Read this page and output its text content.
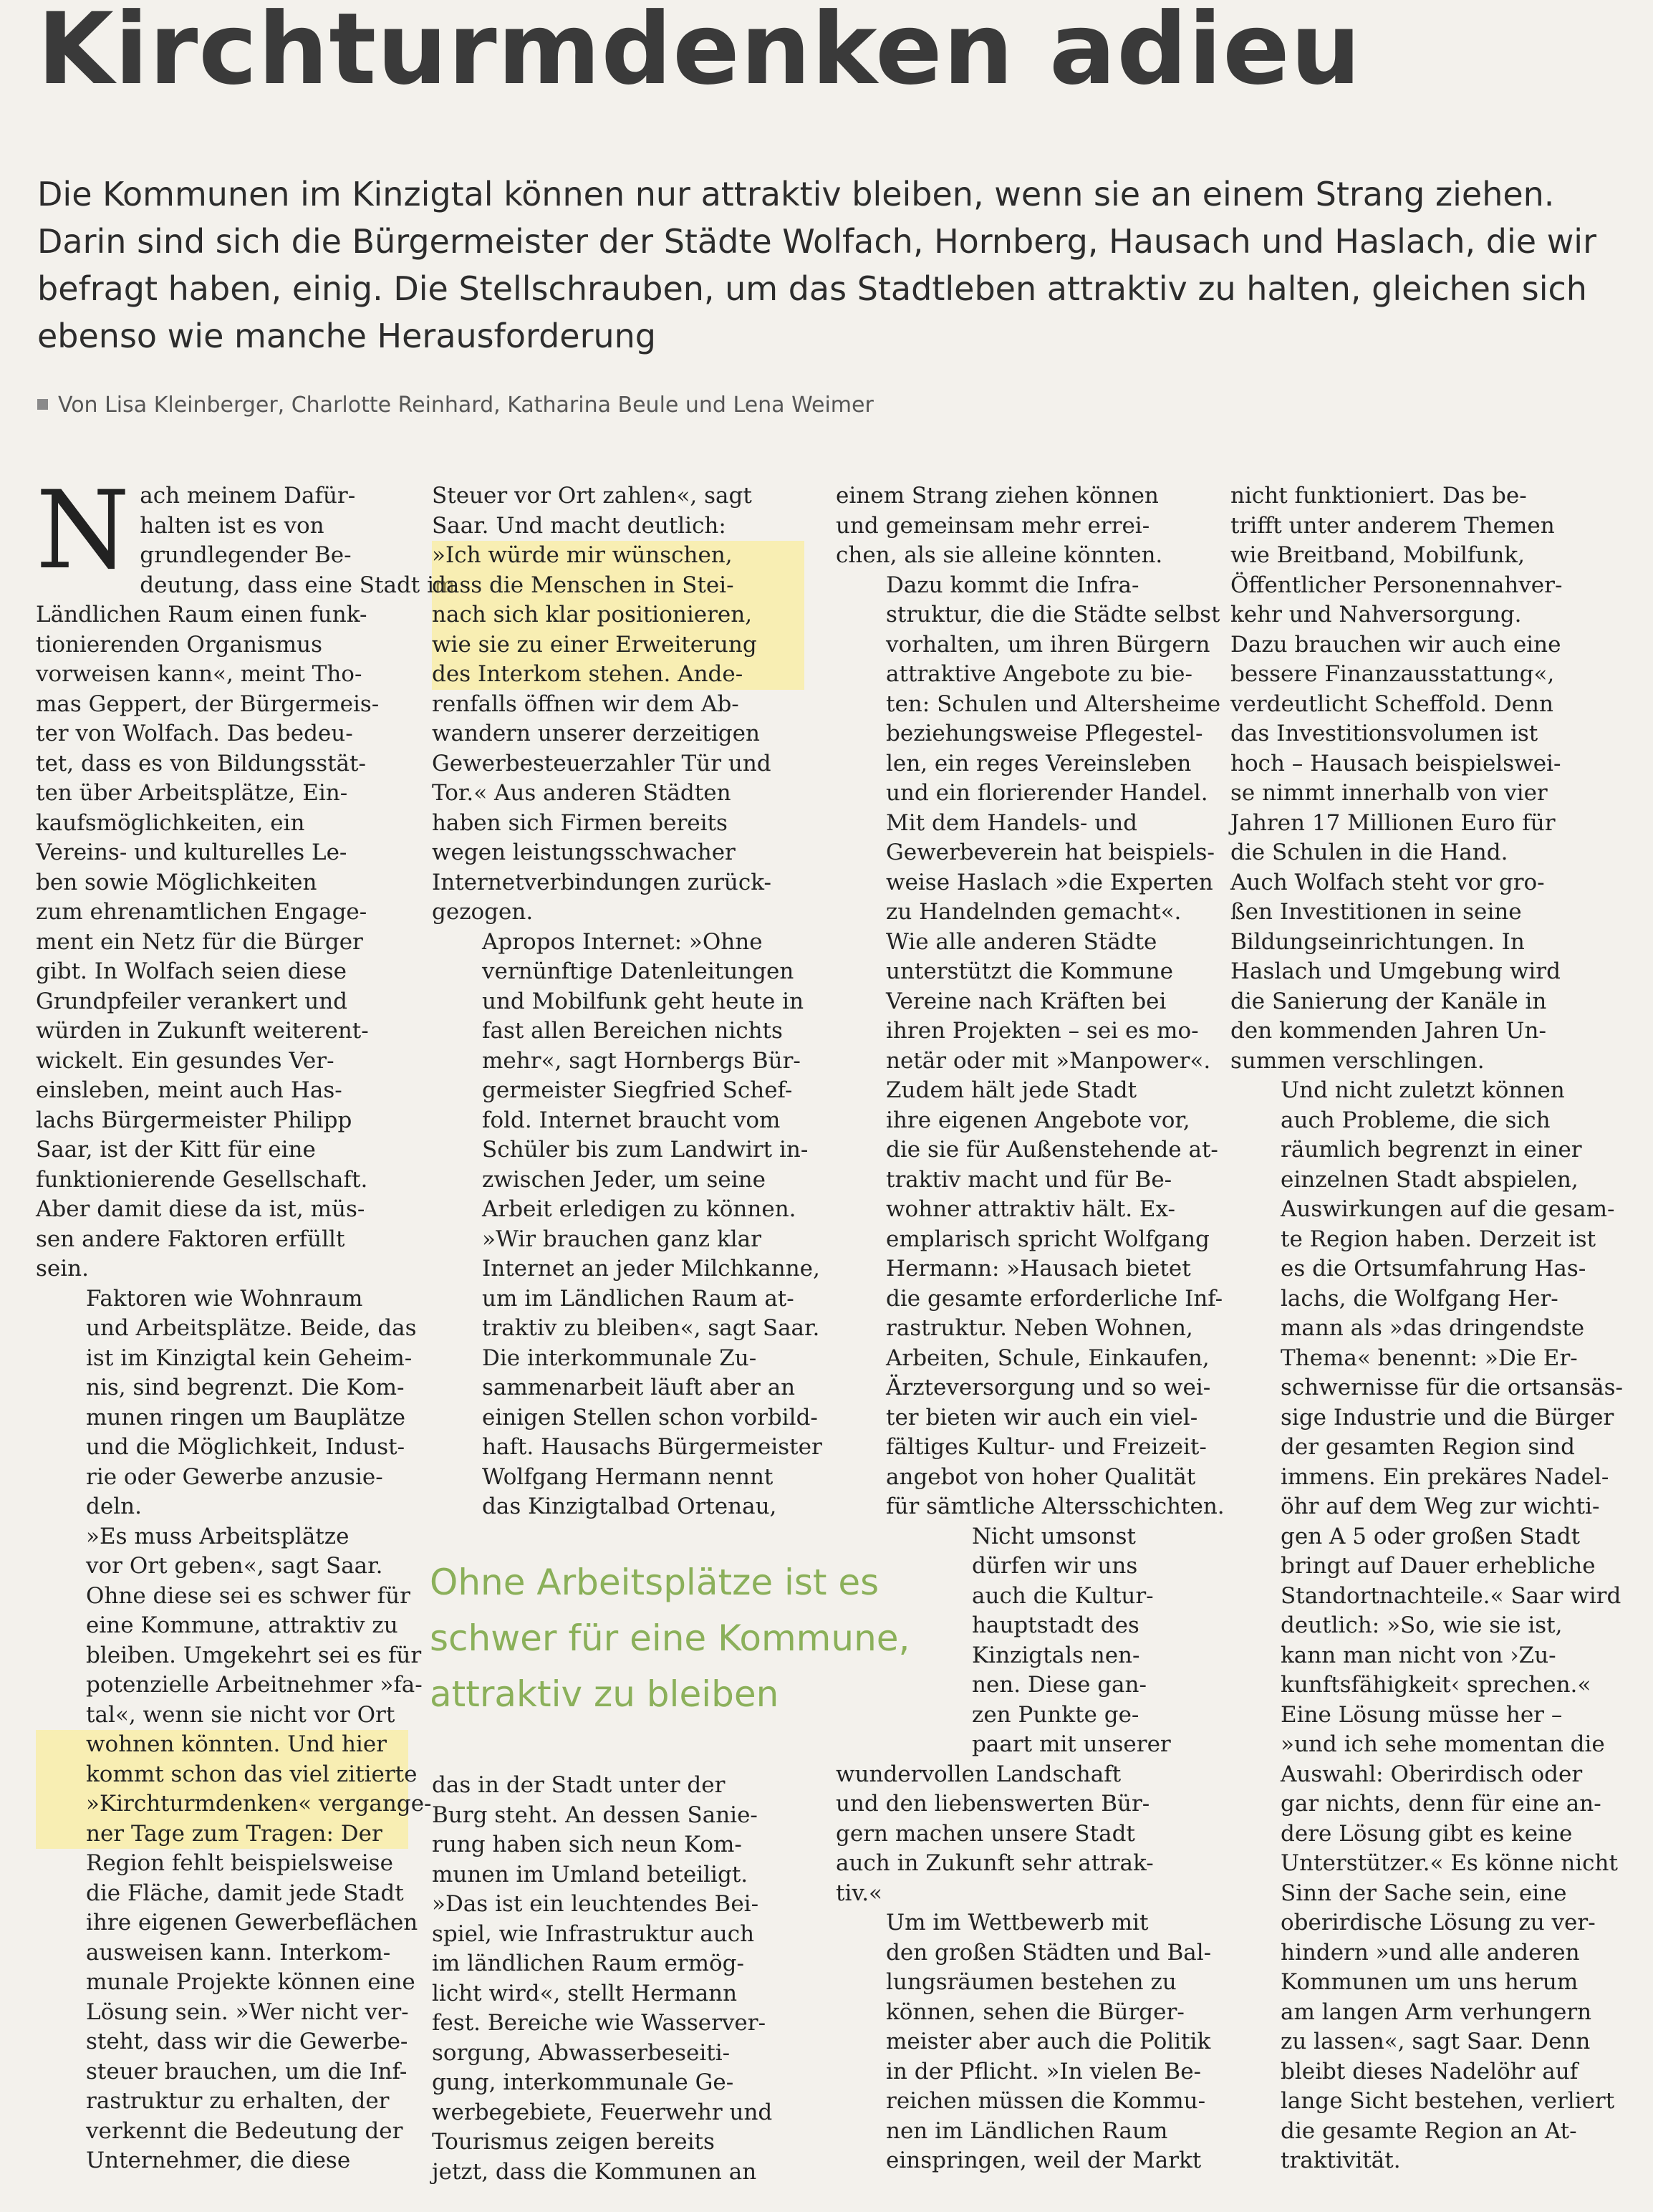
Kirchturmdenken adieu

Die Kommunen im Kinzigtal können nur attraktiv bleiben, wenn sie an einem Strang ziehen. Darin sind sich die Bürgermeister der Städte Wolfach, Hornberg, Hausach und Haslach, die wir befragt haben, einig. Die Stellschrauben, um das Stadtleben attraktiv zu halten, gleichen sich ebenso wie manche Herausforderung

Von Lisa Kleinberger, Charlotte Reinhard, Katharina Beule und Lena Weimer

N ach meinem Dafür-
halten ist es von
grundlegender Be-
deutung, dass eine Stadt im
Ländlichen Raum einen funk-
tionierenden Organismus
vorweisen kann«, meint Tho-
mas Geppert, der Bürgermeis-
ter von Wolfach. Das bedeu-
tet, dass es von Bildungsstät-
ten über Arbeitsplätze, Ein-
kaufsmöglichkeiten, ein
Vereins- und kulturelles Le-
ben sowie Möglichkeiten
zum ehrenamtlichen Engage-
ment ein Netz für die Bürger
gibt. In Wolfach seien diese
Grundpfeiler verankert und
würden in Zukunft weiterent-
wickelt. Ein gesundes Ver-
einsleben, meint auch Has-
lachs Bürgermeister Philipp
Saar, ist der Kitt für eine
funktionierende Gesellschaft.
Aber damit diese da ist, müs-
sen andere Faktoren erfüllt
sein.

Faktoren wie Wohnraum
und Arbeitsplätze. Beide, das
ist im Kinzigtal kein Geheim-
nis, sind begrenzt. Die Kom-
munen ringen um Bauplätze
und die Möglichkeit, Indust-
rie oder Gewerbe anzusie-
deln.

»Es muss Arbeitsplätze
vor Ort geben«, sagt Saar.
Ohne diese sei es schwer für
eine Kommune, attraktiv zu
bleiben. Umgekehrt sei es für
potenzielle Arbeitnehmer »fa-
tal«, wenn sie nicht vor Ort
wohnen könnten. Und hier
kommt schon das viel zitierte
»Kirchturmdenken« vergange-
ner Tage zum Tragen: Der
Region fehlt beispielsweise
die Fläche, damit jede Stadt
ihre eigenen Gewerbeflächen
ausweisen kann. Interkom-
munale Projekte können eine
Lösung sein. »Wer nicht ver-
steht, dass wir die Gewerbe-
steuer brauchen, um die Inf-
rastruktur zu erhalten, der
verkennt die Bedeutung der
Unternehmer, die diese

Steuer vor Ort zahlen«, sagt
Saar. Und macht deutlich:
»Ich würde mir wünschen,
dass die Menschen in Stei-
nach sich klar positionieren,
wie sie zu einer Erweiterung
des Interkom stehen. Ande-
renfalls öffnen wir dem Ab-
wandern unserer derzeitigen
Gewerbesteuerzahler Tür und
Tor.« Aus anderen Städten
haben sich Firmen bereits
wegen leistungsschwacher
Internetverbindungen zurück-
gezogen.

Apropos Internet: »Ohne
vernünftige Datenleitungen
und Mobilfunk geht heute in
fast allen Bereichen nichts
mehr«, sagt Hornbergs Bür-
germeister Siegfried Schef-
fold. Internet braucht vom
Schüler bis zum Landwirt in-
zwischen Jeder, um seine
Arbeit erledigen zu können.
»Wir brauchen ganz klar
Internet an jeder Milchkanne,
um im Ländlichen Raum at-
traktiv zu bleiben«, sagt Saar.

Die interkommunale Zu-
sammenarbeit läuft aber an
einigen Stellen schon vorbild-
haft. Hausachs Bürgermeister
Wolfgang Hermann nennt
das Kinzigtalbad Ortenau,

das in der Stadt unter der
Burg steht. An dessen Sanie-
rung haben sich neun Kom-
munen im Umland beteiligt.
»Das ist ein leuchtendes Bei-
spiel, wie Infrastruktur auch
im ländlichen Raum ermög-
licht wird«, stellt Hermann
fest. Bereiche wie Wasserver-
sorgung, Abwasserbeseiti-
gung, interkommunale Ge-
werbegebiete, Feuerwehr und
Tourismus zeigen bereits
jetzt, dass die Kommunen an

einem Strang ziehen können
und gemeinsam mehr errei-
chen, als sie alleine könnten.

Dazu kommt die Infra-
struktur, die die Städte selbst
vorhalten, um ihren Bürgern
attraktive Angebote zu bie-
ten: Schulen und Altersheime
beziehungsweise Pflegestel-
len, ein reges Vereinsleben
und ein florierender Handel.

Mit dem Handels- und
Gewerbeverein hat beispiels-
weise Haslach »die Experten
zu Handelnden gemacht«.
Wie alle anderen Städte
unterstützt die Kommune
Vereine nach Kräften bei
ihren Projekten – sei es mo-
netär oder mit »Manpower«.

Zudem hält jede Stadt
ihre eigenen Angebote vor,
die sie für Außenstehende at-
traktiv macht und für Be-
wohner attraktiv hält. Ex-
emplarisch spricht Wolfgang
Hermann: »Hausach bietet
die gesamte erforderliche Inf-
rastruktur. Neben Wohnen,
Arbeiten, Schule, Einkaufen,
Ärzteversorgung und so wei-
ter bieten wir auch ein viel-
fältiges Kultur- und Freizeit-
angebot von hoher Qualität
für sämtliche Altersschichten.

Nicht umsonst
dürfen wir uns
auch die Kultur-
hauptstadt des
Kinzigtals nen-
nen. Diese gan-
zen Punkte ge-
paart mit unserer

wundervollen Landschaft
und den liebenswerten Bür-
gern machen unsere Stadt
auch in Zukunft sehr attrak-
tiv.«

Um im Wettbewerb mit
den großen Städten und Bal-
lungsräumen bestehen zu
können, sehen die Bürger-
meister aber auch die Politik
in der Pflicht. »In vielen Be-
reichen müssen die Kommu-
nen im Ländlichen Raum
einspringen, weil der Markt

nicht funktioniert. Das be-
trifft unter anderem Themen
wie Breitband, Mobilfunk,
Öffentlicher Personennahver-
kehr und Nahversorgung.
Dazu brauchen wir auch eine
bessere Finanzausstattung«,
verdeutlicht Scheffold. Denn
das Investitionsvolumen ist
hoch – Hausach beispielswei-
se nimmt innerhalb von vier
Jahren 17 Millionen Euro für
die Schulen in die Hand.
Auch Wolfach steht vor gro-
ßen Investitionen in seine
Bildungseinrichtungen. In
Haslach und Umgebung wird
die Sanierung der Kanäle in
den kommenden Jahren Un-
summen verschlingen.

Und nicht zuletzt können
auch Probleme, die sich
räumlich begrenzt in einer
einzelnen Stadt abspielen,
Auswirkungen auf die gesam-
te Region haben. Derzeit ist
es die Ortsumfahrung Has-
lachs, die Wolfgang Her-
mann als »das dringendste
Thema« benennt: »Die Er-
schwernisse für die ortsansäs-
sige Industrie und die Bürger
der gesamten Region sind
immens. Ein prekäres Nadel-
öhr auf dem Weg zur wichti-
gen A 5 oder großen Stadt
bringt auf Dauer erhebliche
Standortnachteile.« Saar wird
deutlich: »So, wie sie ist,
kann man nicht von ›Zu-
kunftsfähigkeit‹ sprechen.«
Eine Lösung müsse her –
»und ich sehe momentan die
Auswahl: Oberirdisch oder
gar nichts, denn für eine an-
dere Lösung gibt es keine
Unterstützer.« Es könne nicht
Sinn der Sache sein, eine
oberirdische Lösung zu ver-
hindern »und alle anderen
Kommunen um uns herum
am langen Arm verhungern
zu lassen«, sagt Saar. Denn
bleibt dieses Nadelöhr auf
lange Sicht bestehen, verliert
die gesamte Region an At-
traktivität.

Ohne Arbeitsplätze ist es
schwer für eine Kommune,
attraktiv zu bleiben
